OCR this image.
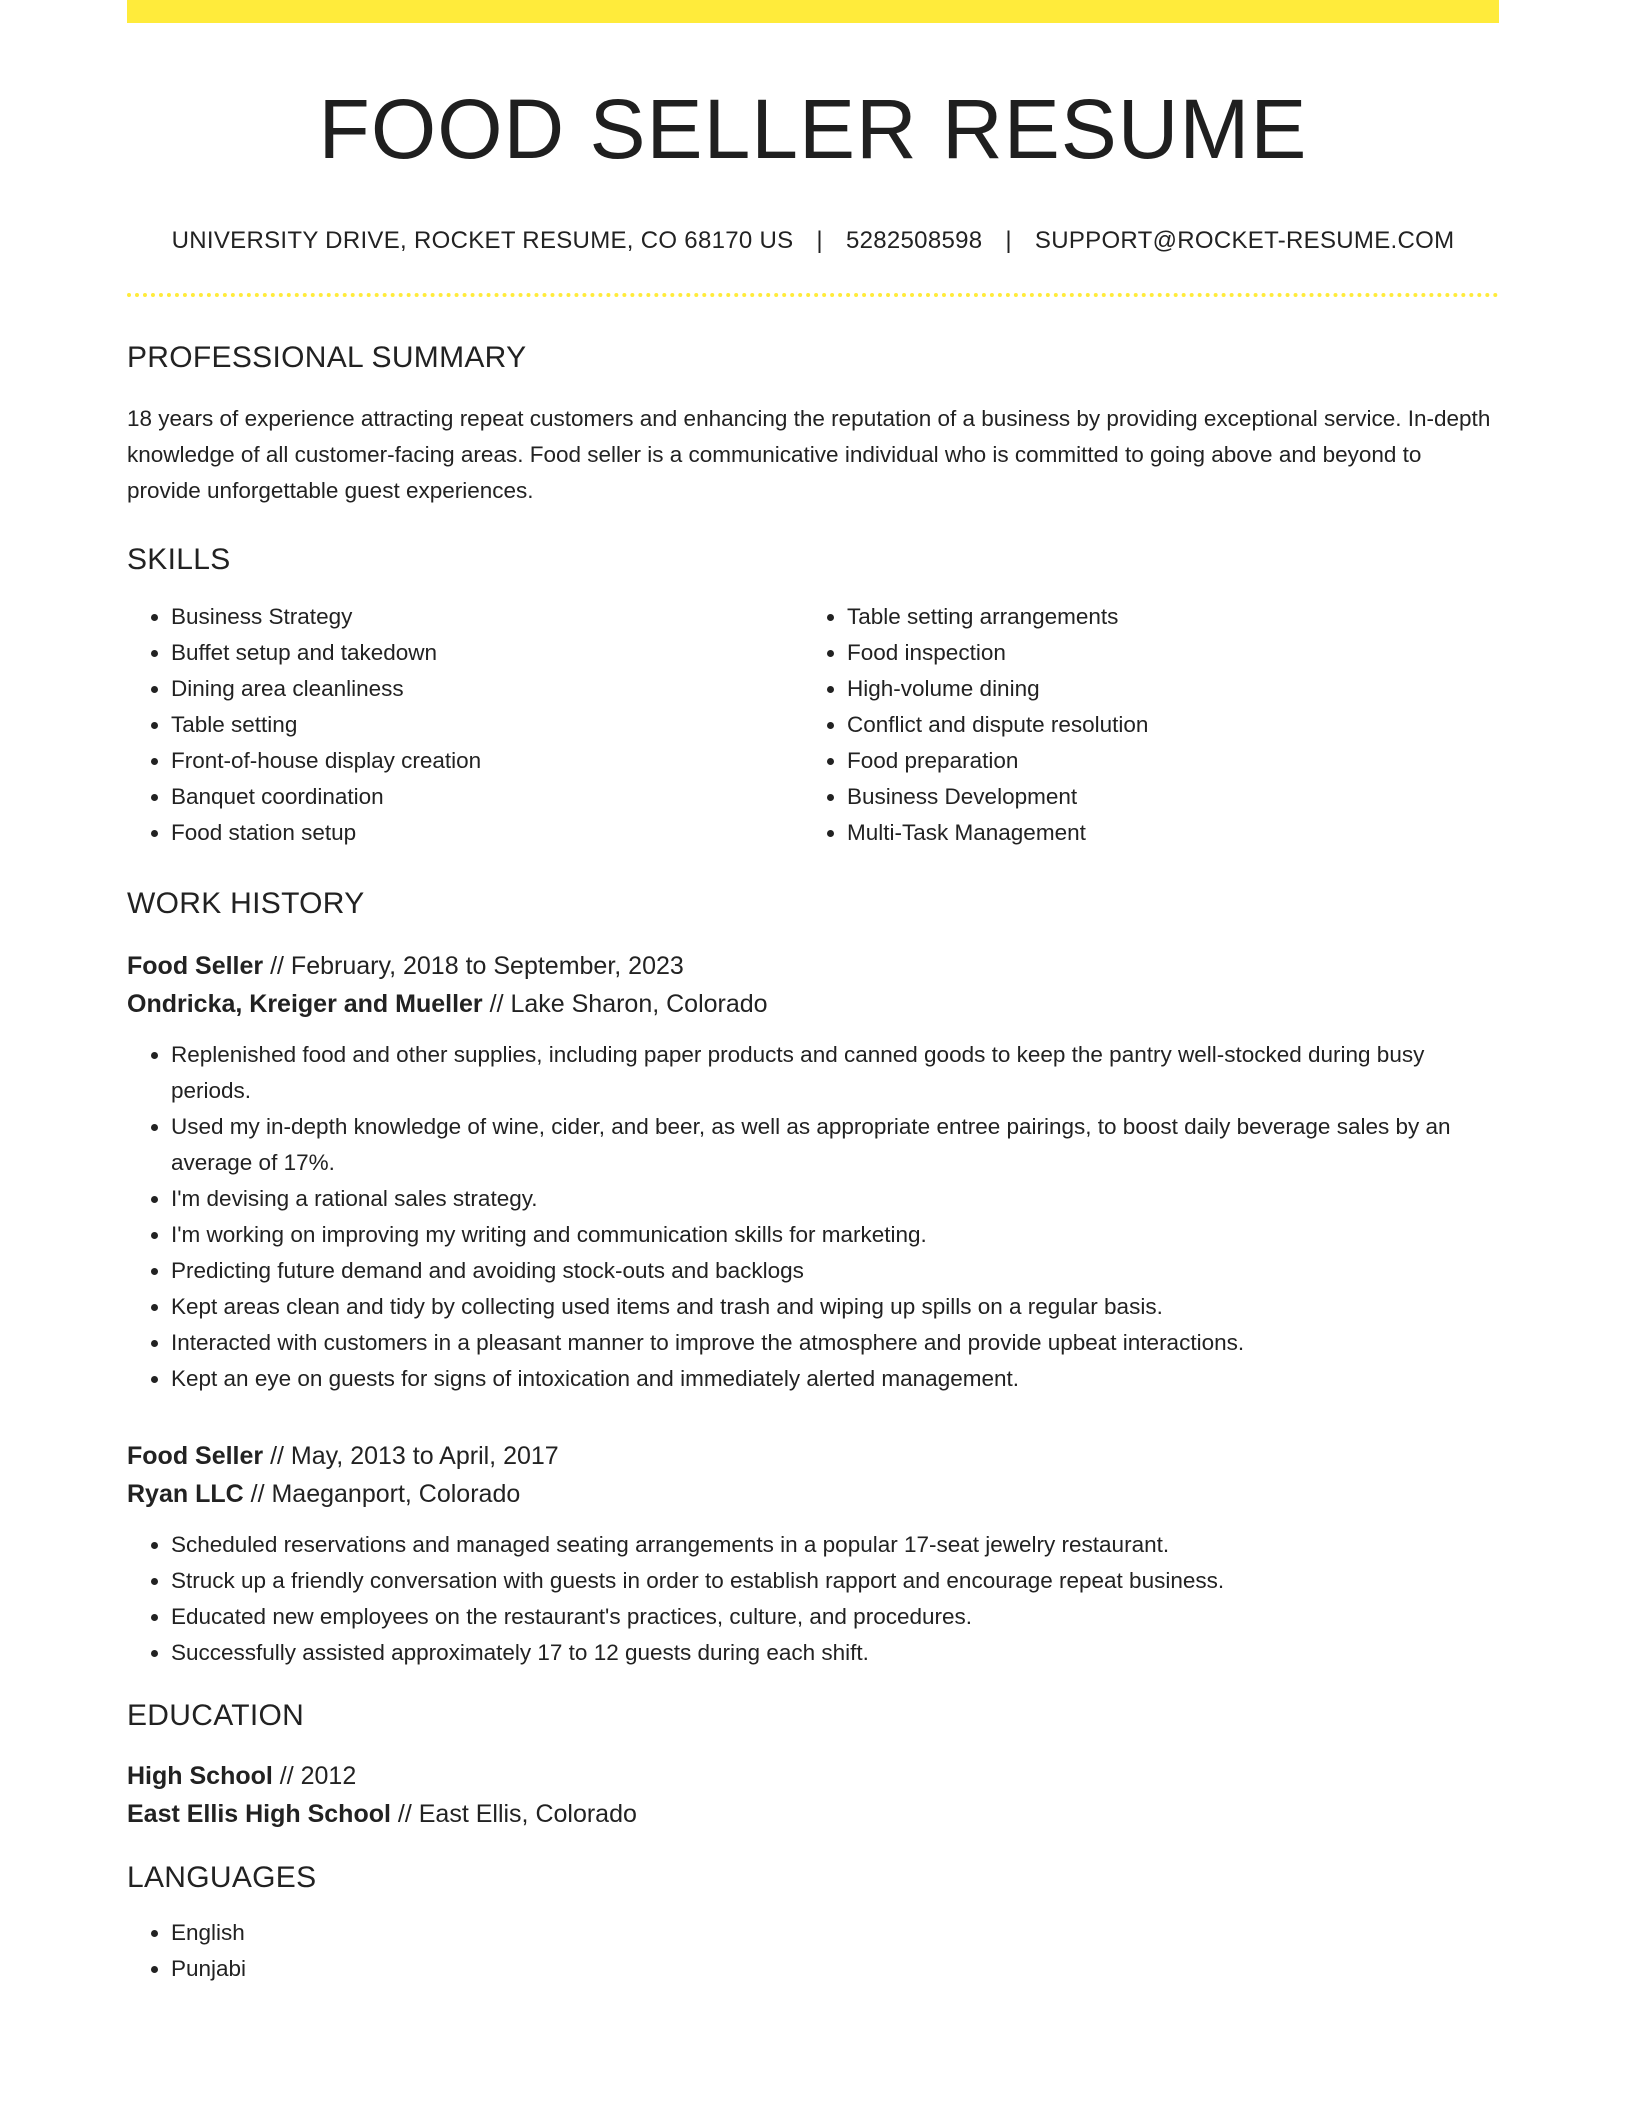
FOOD SELLER RESUME
UNIVERSITY DRIVE, ROCKET RESUME, CO 68170 US | 5282508598 | SUPPORT@ROCKET-RESUME.COM
PROFESSIONAL SUMMARY
18 years of experience attracting repeat customers and enhancing the reputation of a business by providing exceptional service. In-depth knowledge of all customer-facing areas. Food seller is a communicative individual who is committed to going above and beyond to provide unforgettable guest experiences.
SKILLS
• Business Strategy
• Buffet setup and takedown
• Dining area cleanliness
• Table setting
• Front-of-house display creation
• Banquet coordination
• Food station setup
• Table setting arrangements
• Food inspection
• High-volume dining
• Conflict and dispute resolution
• Food preparation
• Business Development
• Multi-Task Management
WORK HISTORY
Food Seller // February, 2018 to September, 2023
Ondricka, Kreiger and Mueller // Lake Sharon, Colorado
• Replenished food and other supplies, including paper products and canned goods to keep the pantry well-stocked during busy periods.
• Used my in-depth knowledge of wine, cider, and beer, as well as appropriate entree pairings, to boost daily beverage sales by an average of 17%.
• I'm devising a rational sales strategy.
• I'm working on improving my writing and communication skills for marketing.
• Predicting future demand and avoiding stock-outs and backlogs
• Kept areas clean and tidy by collecting used items and trash and wiping up spills on a regular basis.
• Interacted with customers in a pleasant manner to improve the atmosphere and provide upbeat interactions.
• Kept an eye on guests for signs of intoxication and immediately alerted management.
Food Seller // May, 2013 to April, 2017
Ryan LLC // Maeganport, Colorado
• Scheduled reservations and managed seating arrangements in a popular 17-seat jewelry restaurant.
• Struck up a friendly conversation with guests in order to establish rapport and encourage repeat business.
• Educated new employees on the restaurant's practices, culture, and procedures.
• Successfully assisted approximately 17 to 12 guests during each shift.
EDUCATION
High School // 2012
East Ellis High School // East Ellis, Colorado
LANGUAGES
• English
• Punjabi
